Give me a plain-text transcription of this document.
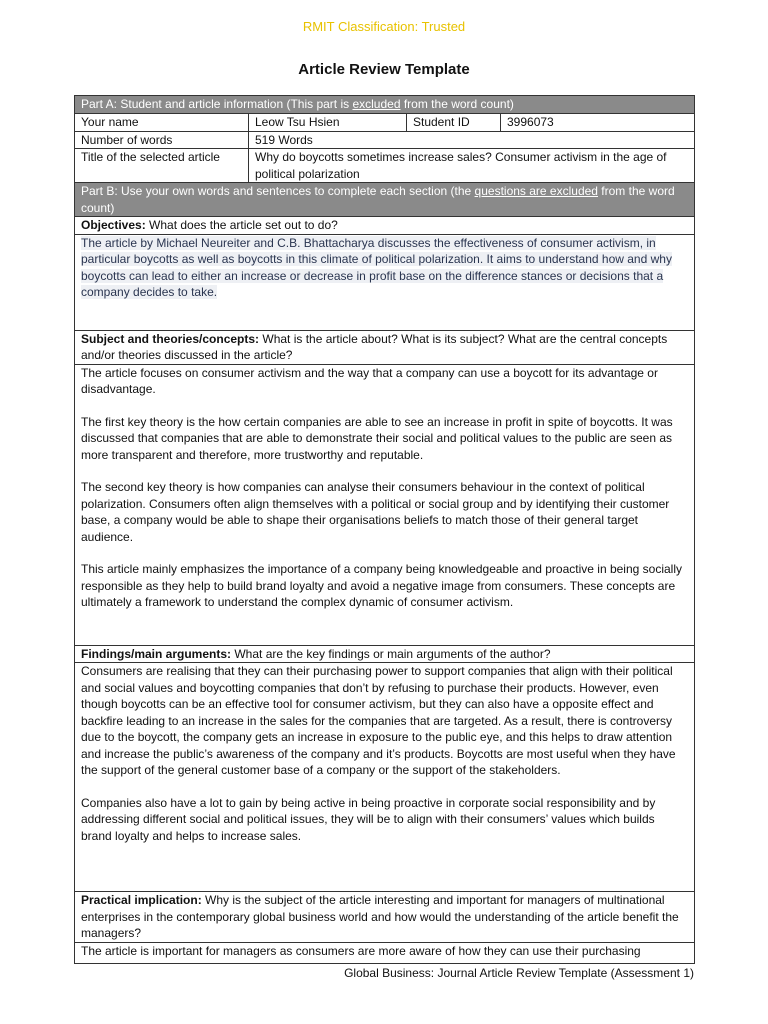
RMIT Classification: Trusted
Article Review Template
Part A: Student and article information (This part is excluded from the word count)			
Your name	Leow Tsu Hsien	Student ID	3996073
Number of words	519 Words		
Title of the selected article	Why do boycotts sometimes increase sales? Consumer activism in the age of political polarization		
Part B: Use your own words and sentences to complete each section (the questions are excluded from the word count)			
Objectives: What does the article set out to do?			
The article by Michael Neureiter and C.B. Bhattacharya discusses the effectiveness of consumer activism, in particular boycotts as well as boycotts in this climate of political polarization. It aims to understand how and why boycotts can lead to either an increase or decrease in profit base on the difference stances or decisions that a company decides to take.			
Subject and theories/concepts: What is the article about? What is its subject? What are the central concepts and/or theories discussed in the article?			

The article focuses on consumer activism and the way that a company can use a boycott for its advantage or disadvantage.

The first key theory is the how certain companies are able to see an increase in profit in spite of boycotts. It was discussed that companies that are able to demonstrate their social and political values to the public are seen as more transparent and therefore, more trustworthy and reputable.

The second key theory is how companies can analyse their consumers behaviour in the context of political polarization. Consumers often align themselves with a political or social group and by identifying their customer base, a company would be able to shape their organisations beliefs to match those of their general target audience.

This article mainly emphasizes the importance of a company being knowledgeable and proactive in being socially responsible as they help to build brand loyalty and avoid a negative image from consumers. These concepts are ultimately a framework to understand the complex dynamic of consumer activism.			

Findings/main arguments: What are the key findings or main arguments of the author?			

Consumers are realising that they can their purchasing power to support companies that align with their political and social values and boycotting companies that don’t by refusing to purchase their products. However, even though boycotts can be an effective tool for consumer activism, but they can also have a opposite effect and backfire leading to an increase in the sales for the companies that are targeted. As a result, there is controversy due to the boycott, the company gets an increase in exposure to the public eye, and this helps to draw attention and increase the public’s awareness of the company and it’s products. Boycotts are most useful when they have the support of the general customer base of a company or the support of the stakeholders.

Companies also have a lot to gain by being active in being proactive in corporate social responsibility and by addressing different social and political issues, they will be to align with their consumers’ values which builds brand loyalty and helps to increase sales.			

Practical implication: Why is the subject of the article interesting and important for managers of multinational enterprises in the contemporary global business world and how would the understanding of the article benefit the managers?			
The article is important for managers as consumers are more aware of how they can use their purchasing			
Global Business: Journal Article Review Template (Assessment 1)
